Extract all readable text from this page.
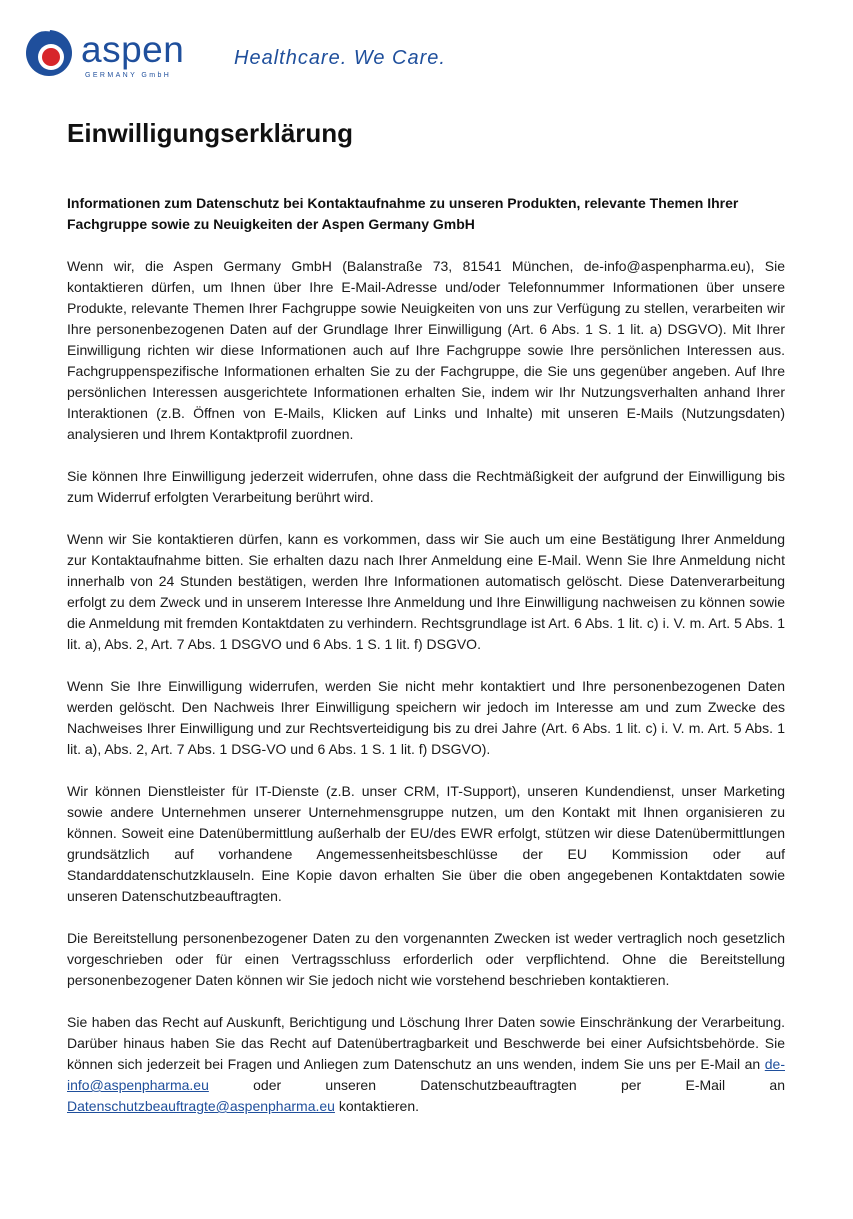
aspen
GERMANY GmbH
Healthcare. We Care.
Einwilligungserklärung

Informationen zum Datenschutz bei Kontaktaufnahme zu unseren Produkten, relevante Themen Ihrer Fachgruppe sowie zu Neuigkeiten der Aspen Germany GmbH

Wenn wir, die Aspen Germany GmbH (Balanstraße 73, 81541 München, de-info@aspenpharma.eu), Sie kontaktieren dürfen, um Ihnen über Ihre E-Mail-Adresse und/oder Telefonnummer Informationen über unsere Produkte, relevante Themen Ihrer Fachgruppe sowie Neuigkeiten von uns zur Verfügung zu stellen, verarbeiten wir Ihre personenbezogenen Daten auf der Grundlage Ihrer Einwilligung (Art. 6 Abs. 1 S. 1 lit. a) DSGVO). Mit Ihrer Einwilligung richten wir diese Informationen auch auf Ihre Fachgruppe sowie Ihre persönlichen Interessen aus. Fachgruppenspezifische Informationen erhalten Sie zu der Fachgruppe, die Sie uns gegenüber angeben. Auf Ihre persönlichen Interessen ausgerichtete Informationen erhalten Sie, indem wir Ihr Nutzungsverhalten anhand Ihrer Interaktionen (z.B. Öffnen von E-Mails, Klicken auf Links und Inhalte) mit unseren E-Mails (Nutzungsdaten) analysieren und Ihrem Kontaktprofil zuordnen.

Sie können Ihre Einwilligung jederzeit widerrufen, ohne dass die Rechtmäßigkeit der aufgrund der Einwilligung bis zum Widerruf erfolgten Verarbeitung berührt wird.

Wenn wir Sie kontaktieren dürfen, kann es vorkommen, dass wir Sie auch um eine Bestätigung Ihrer Anmeldung zur Kontaktaufnahme bitten. Sie erhalten dazu nach Ihrer Anmeldung eine E-Mail. Wenn Sie Ihre Anmeldung nicht innerhalb von 24 Stunden bestätigen, werden Ihre Informationen automatisch gelöscht. Diese Datenverarbeitung erfolgt zu dem Zweck und in unserem Interesse Ihre Anmeldung und Ihre Einwilligung nachweisen zu können sowie die Anmeldung mit fremden Kontaktdaten zu verhindern. Rechtsgrundlage ist Art. 6 Abs. 1 lit. c) i. V. m. Art. 5 Abs. 1 lit. a), Abs. 2, Art. 7 Abs. 1 DSGVO und 6 Abs. 1 S. 1 lit. f) DSGVO.

Wenn Sie Ihre Einwilligung widerrufen, werden Sie nicht mehr kontaktiert und Ihre personenbezogenen Daten werden gelöscht. Den Nachweis Ihrer Einwilligung speichern wir jedoch im Interesse am und zum Zwecke des Nachweises Ihrer Einwilligung und zur Rechtsverteidigung bis zu drei Jahre (Art. 6 Abs. 1 lit. c) i. V. m. Art. 5 Abs. 1 lit. a), Abs. 2, Art. 7 Abs. 1 DSG-VO und 6 Abs. 1 S. 1 lit. f) DSGVO).

Wir können Dienstleister für IT-Dienste (z.B. unser CRM, IT-Support), unseren Kundendienst, unser Marketing sowie andere Unternehmen unserer Unternehmensgruppe nutzen, um den Kontakt mit Ihnen organisieren zu können. Soweit eine Datenübermittlung außerhalb der EU/des EWR erfolgt, stützen wir diese Datenübermittlungen grundsätzlich auf vorhandene Angemessenheitsbeschlüsse der EU Kommission oder auf Standarddatenschutzklauseln. Eine Kopie davon erhalten Sie über die oben angegebenen Kontaktdaten sowie unseren Datenschutzbeauftragten.

Die Bereitstellung personenbezogener Daten zu den vorgenannten Zwecken ist weder vertraglich noch gesetzlich vorgeschrieben oder für einen Vertragsschluss erforderlich oder verpflichtend. Ohne die Bereitstellung personenbezogener Daten können wir Sie jedoch nicht wie vorstehend beschrieben kontaktieren.

Sie haben das Recht auf Auskunft, Berichtigung und Löschung Ihrer Daten sowie Einschränkung der Verarbeitung. Darüber hinaus haben Sie das Recht auf Datenübertragbarkeit und Beschwerde bei einer Aufsichtsbehörde. Sie können sich jederzeit bei Fragen und Anliegen zum Datenschutz an uns wenden, indem Sie uns per E-Mail an de-info@aspenpharma.eu oder unseren Datenschutzbeauftragten per E-Mail an Datenschutzbeauftragte@aspenpharma.eu kontaktieren.
